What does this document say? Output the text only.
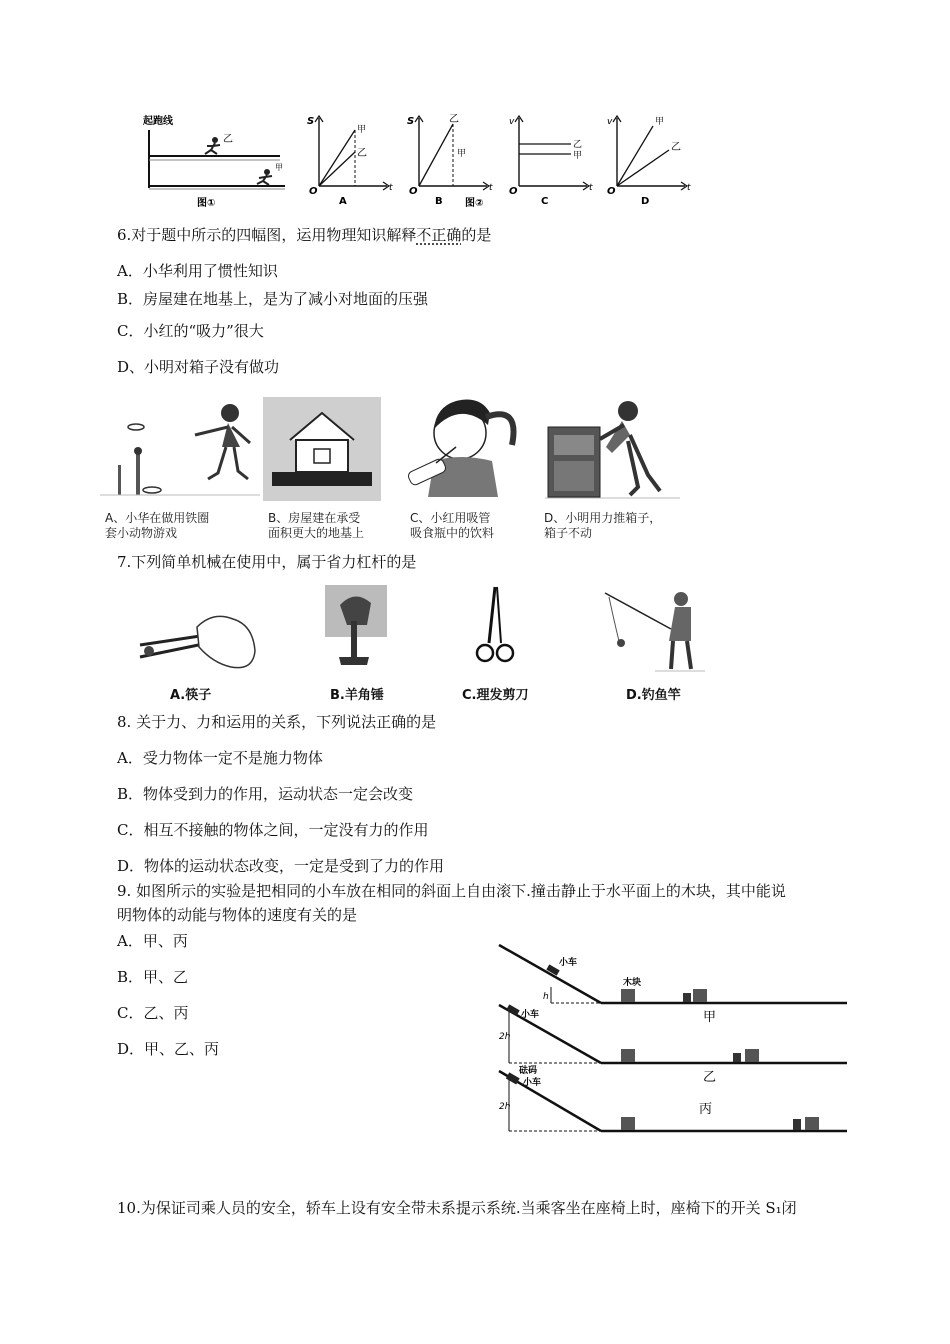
起跑线
乙
甲
图①
S
t
O
甲
乙
A
S
t
O
乙
甲
B 图②
v
t
O
乙
甲
C
v
t
O
甲
乙
D
6.对于题中所示的四幅图，运用物理知识解释不正确的是
A．小华利用了惯性知识
B．房屋建在地基上，是为了减小对地面的压强
C．小红的“吸力”很大
D、小明对箱子没有做功
A、小华在做用铁圈
套小动物游戏
B、房屋建在承受
面积更大的地基上
C、小红用吸管
吸食瓶中的饮料
D、小明用力推箱子，
箱子不动
7.下列简单机械在使用中，属于省力杠杆的是
A.筷子	B.羊角锤	C.理发剪刀	D.钓鱼竿
8. 关于力、力和运用的关系，下列说法正确的是
A．受力物体一定不是施力物体
B．物体受到力的作用，运动状态一定会改变
C．相互不接触的物体之间，一定没有力的作用
D．物体的运动状态改变，一定是受到了力的作用
9. 如图所示的实验是把相同的小车放在相同的斜面上自由滚下.撞击静止于水平面上的木块，其中能说
明物体的动能与物体的速度有关的是
A．甲、丙
B．甲、乙
C．乙、丙
D．甲、乙、丙
h
小车
木块
甲
2h
小车
乙
2h
砝码
小车
丙
10.为保证司乘人员的安全，轿车上设有安全带未系提示系统.当乘客坐在座椅上时，座椅下的开关 S₁闭
